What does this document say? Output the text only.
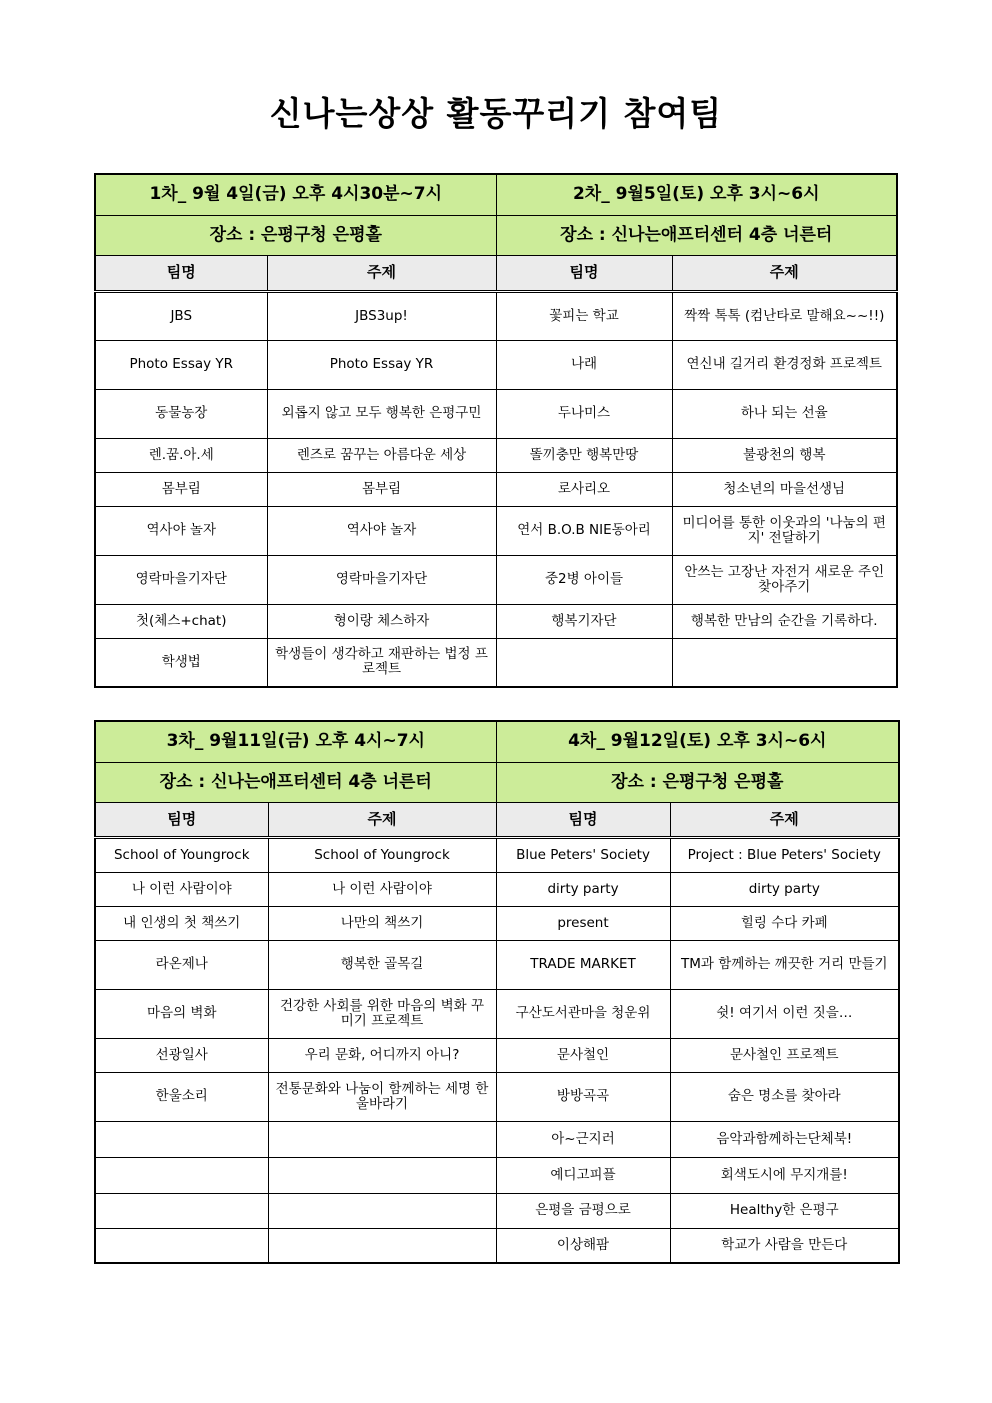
신나는상상 활동꾸리기 참여팀
1차_ 9월 4일(금) 오후 4시30분~7시		2차_ 9월5일(토) 오후 3시~6시	
장소 : 은평구청 은평홀		장소 : 신나는애프터센터 4층 너른터	
팀명	주제	팀명	주제
JBS	JBS3up!	꽃피는 학교	짝짝 톡톡 (컴난타로 말해요~~!!)
Photo Essay YR	Photo Essay YR	나래	연신내 길거리 환경정화 프로젝트
동물농장	외롭지 않고 모두 행복한 은평구민	두나미스	하나 되는 선율
렌.꿈.아.세	렌즈로 꿈꾸는 아름다운 세상	똘끼충만 행복만땅	불광천의 행복
몸부림	몸부림	로사리오	청소년의 마을선생님
역사야 놀자	역사야 놀자	연서 B.O.B NIE동아리	미디어를 통한 이웃과의 '나눔의 편지' 전달하기
영락마을기자단	영락마을기자단	중2병 아이들	안쓰는 고장난 자전거 새로운 주인 찾아주기
첫(체스+chat)	형이랑 체스하자	행복기자단	행복한 만남의 순간을 기록하다.
학생법	학생들이 생각하고 재판하는 법정 프로젝트		
3차_ 9월11일(금) 오후 4시~7시		4차_ 9월12일(토) 오후 3시~6시	
장소 : 신나는애프터센터 4층 너른터		장소 : 은평구청 은평홀	
팀명	주제	팀명	주제
School of Youngrock	School of Youngrock	Blue Peters' Society	Project : Blue Peters' Society
나 이런 사람이야	나 이런 사람이야	dirty party	dirty party
내 인생의 첫 책쓰기	나만의 책쓰기	present	힐링 수다 카페
라온제나	행복한 골목길	TRADE MARKET	TM과 함께하는 깨끗한 거리 만들기
마음의 벽화	건강한 사회를 위한 마음의 벽화 꾸미기 프로젝트	구산도서관마을 청운위	쉿! 여기서 이런 짓을…
선광일사	우리 문화, 어디까지 아니?	문사철인	문사철인 프로젝트
한울소리	전통문화와 나눔이 함께하는 세명 한울바라기	방방곡곡	숨은 명소를 찾아라
		아~근지러	음악과함께하는단체북!
		예디고피플	회색도시에 무지개를!
		은평을 금평으로	Healthy한 은평구
		이상해팜	학교가 사람을 만든다
